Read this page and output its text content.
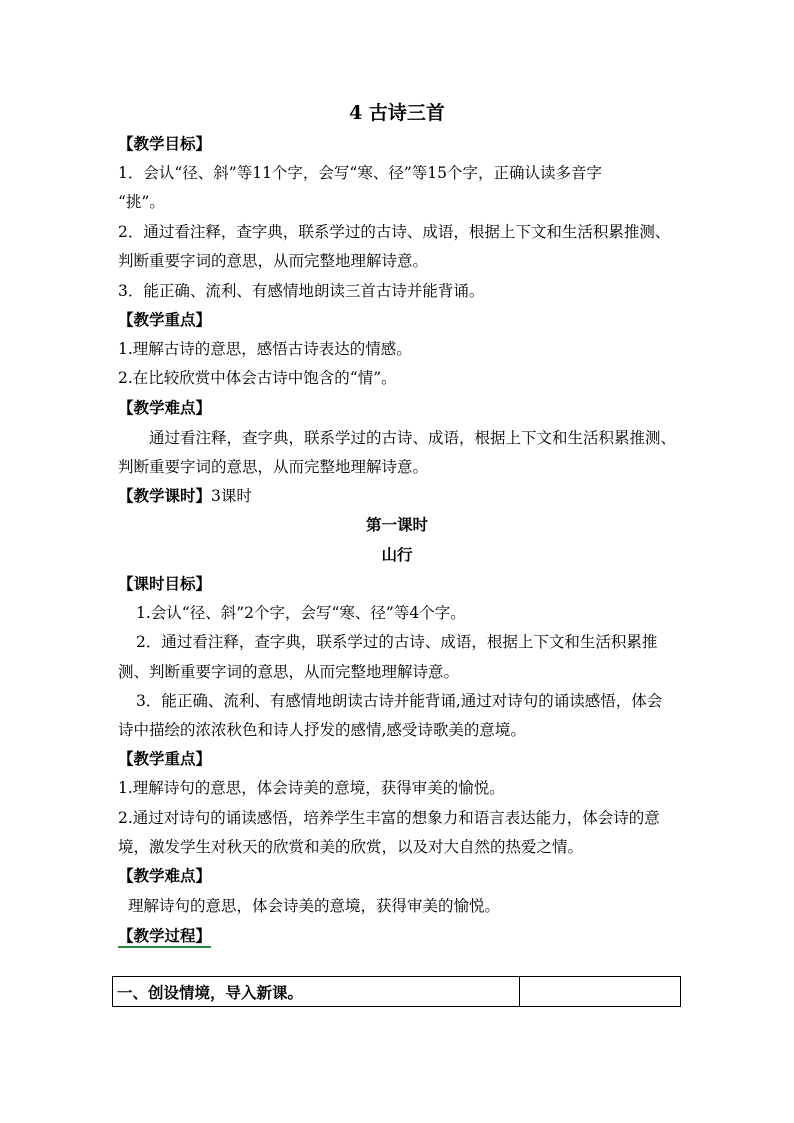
4 古诗三首
【教学目标】
1．会认“径、斜”等11个字，会写“寒、径”等15个字，正确认读多音字
“挑”。
2．通过看注释，查字典，联系学过的古诗、成语，根据上下文和生活积累推测、
判断重要字词的意思，从而完整地理解诗意。
3．能正确、流利、有感情地朗读三首古诗并能背诵。
【教学重点】
1.理解古诗的意思，感悟古诗表达的情感。
2.在比较欣赏中体会古诗中饱含的“情”。
【教学难点】
通过看注释，查字典，联系学过的古诗、成语，根据上下文和生活积累推测、
判断重要字词的意思，从而完整地理解诗意。
【教学课时】3课时
第一课时
山行
【课时目标】
1.会认“径、斜”2个字，会写“寒、径”等4个字。
2．通过看注释，查字典，联系学过的古诗、成语，根据上下文和生活积累推
测、判断重要字词的意思，从而完整地理解诗意。
3．能正确、流利、有感情地朗读古诗并能背诵,通过对诗句的诵读感悟，体会
诗中描绘的浓浓秋色和诗人抒发的感情,感受诗歌美的意境。
【教学重点】
1.理解诗句的意思，体会诗美的意境，获得审美的愉悦。
2.通过对诗句的诵读感悟，培养学生丰富的想象力和语言表达能力，体会诗的意
境，激发学生对秋天的欣赏和美的欣赏，以及对大自然的热爱之情。
【教学难点】
理解诗句的意思，体会诗美的意境，获得审美的愉悦。
【教学过程】
一、创设情境，导入新课。	
